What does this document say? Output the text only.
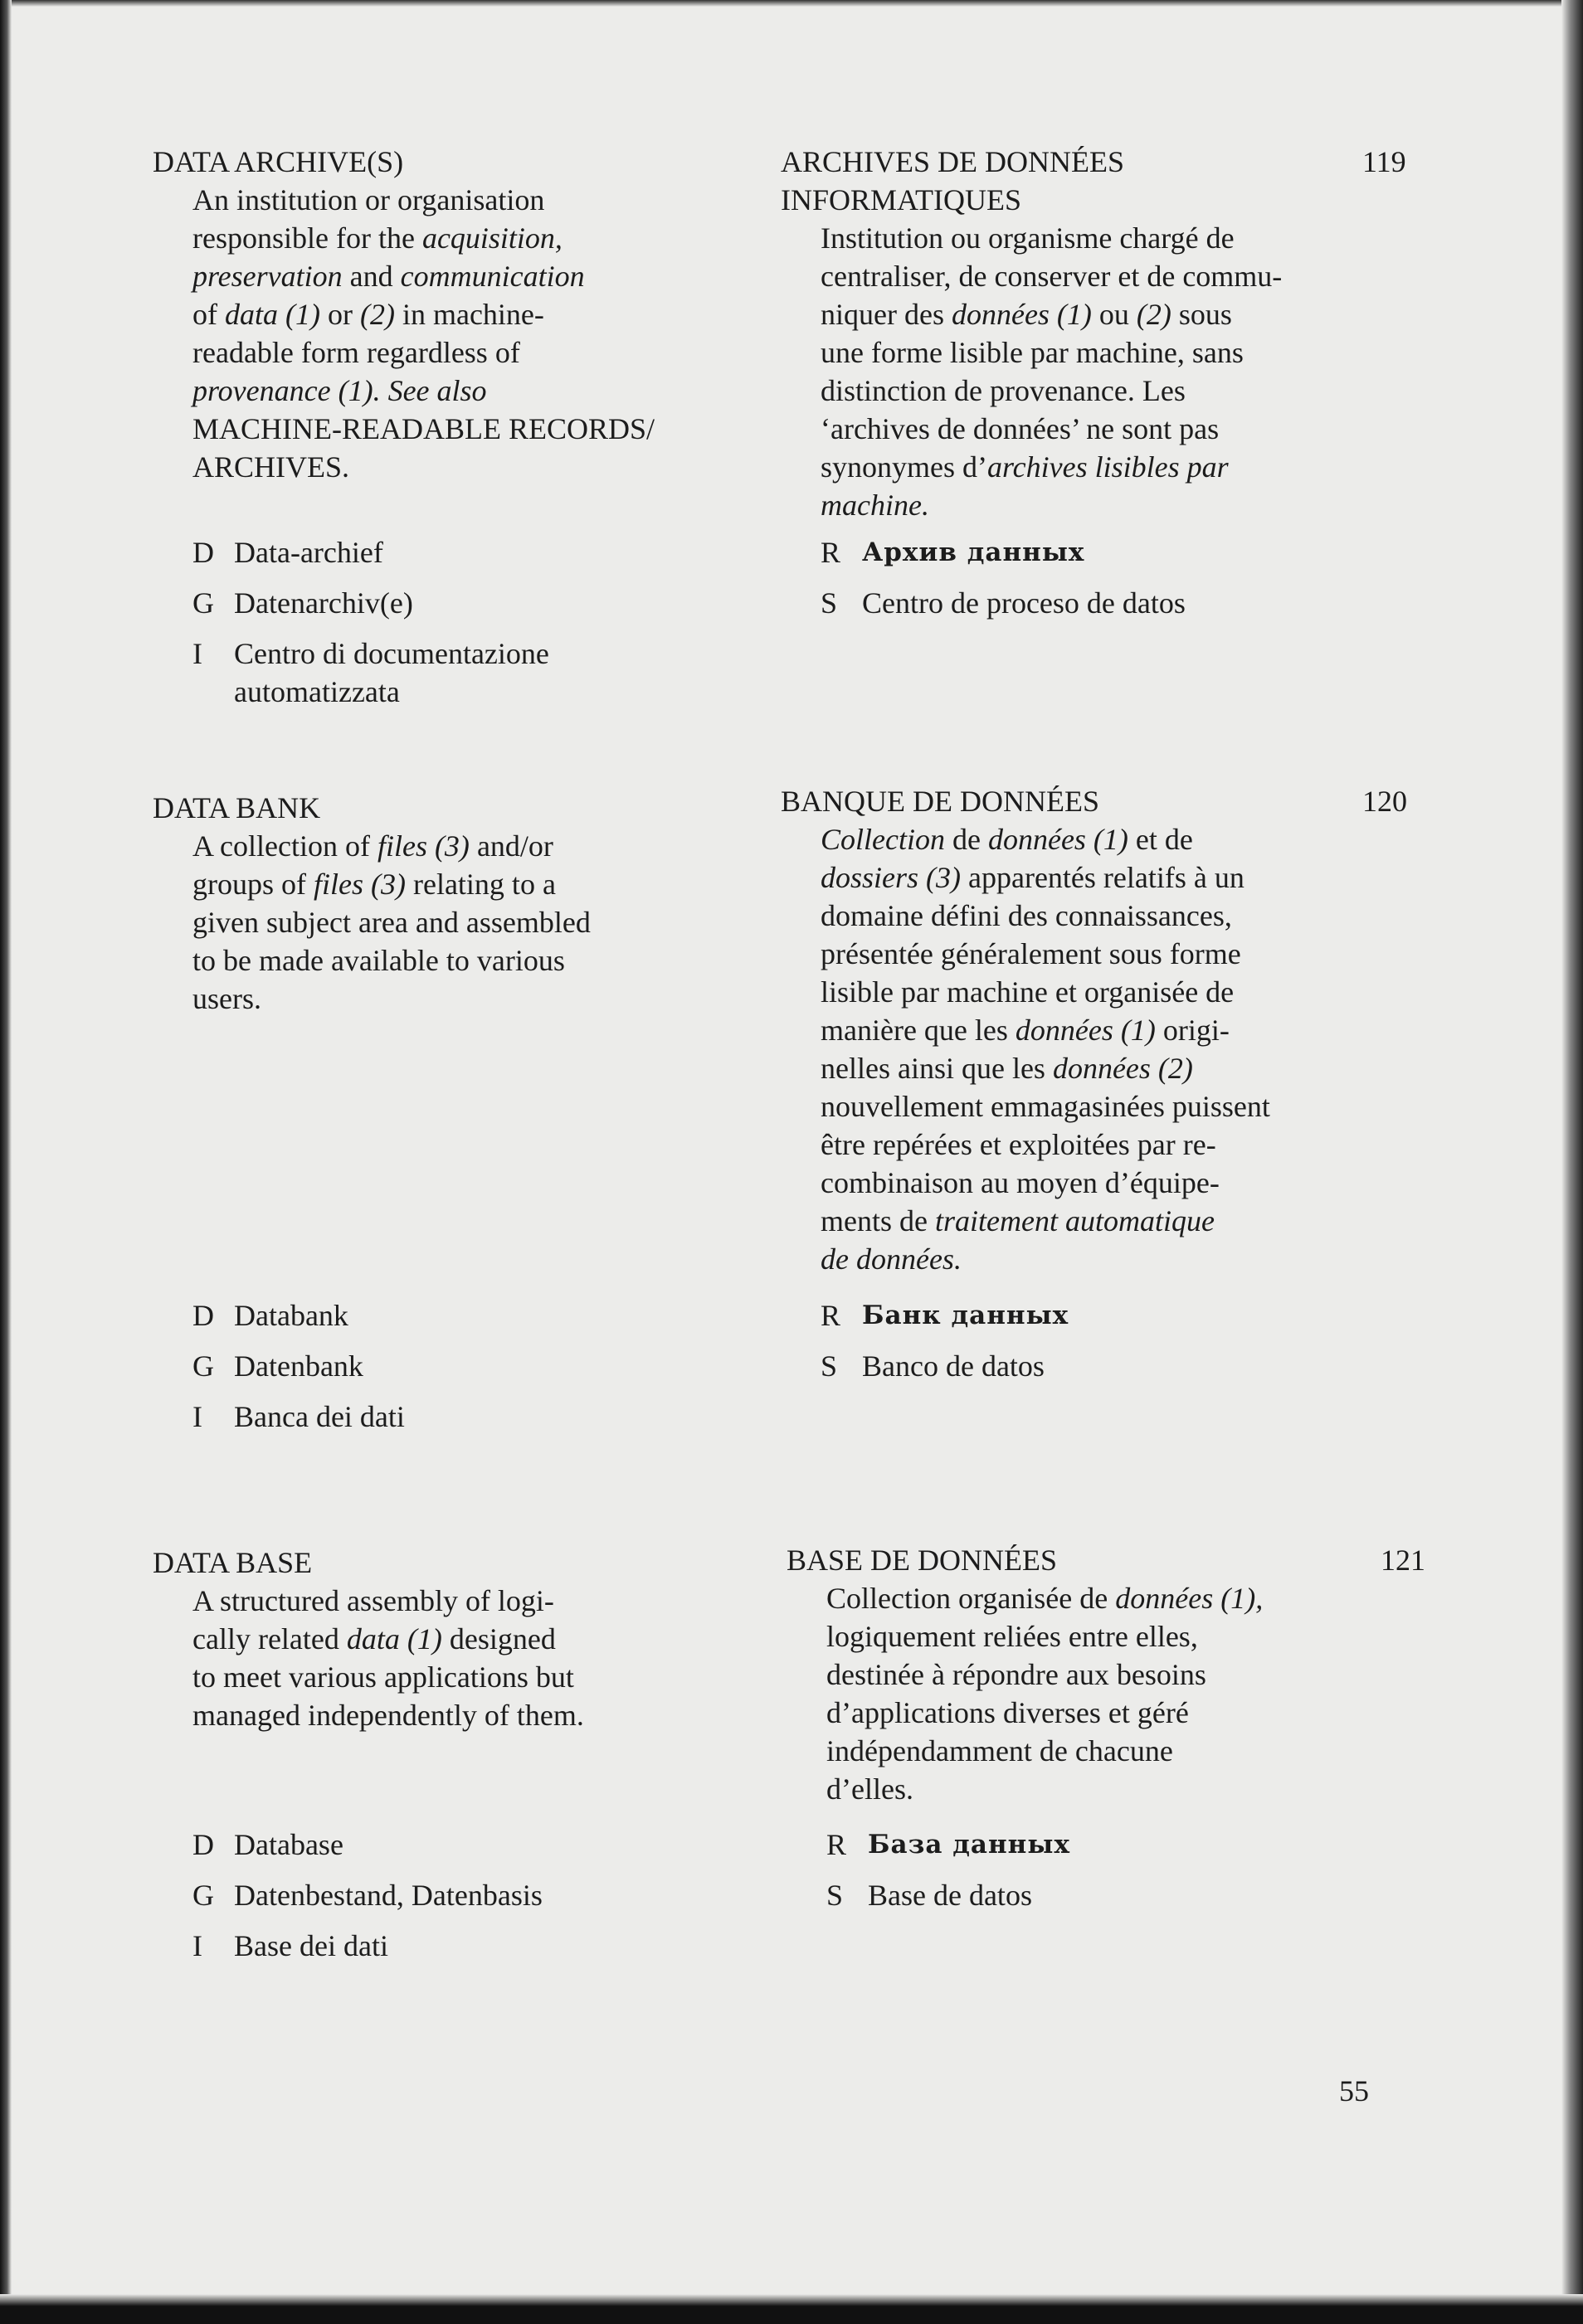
DATA ARCHIVE(S)
An institution or organisation
responsible for the acquisition,
preservation and communication
of data (1) or (2) in machine-
readable form regardless of
provenance (1). See also
MACHINE-READABLE RECORDS/
ARCHIVES.
D Data-archief
G Datenarchiv(e)
I Centro di documentazione
automatizzata
ARCHIVES DE DONNÉES
INFORMATIQUES
Institution ou organisme chargé de
centraliser, de conserver et de commu-
niquer des données (1) ou (2) sous
une forme lisible par machine, sans
distinction de provenance. Les
‘archives de données’ ne sont pas
synonymes d’archives lisibles par
machine.
119
R Архив данных
S Centro de proceso de datos
DATA BANK
A collection of files (3) and/or
groups of files (3) relating to a
given subject area and assembled
to be made available to various
users.
D Databank
G Datenbank
I Banca dei dati
BANQUE DE DONNÉES
Collection de données (1) et de
dossiers (3) apparentés relatifs à un
domaine défini des connaissances,
présentée généralement sous forme
lisible par machine et organisée de
manière que les données (1) origi-
nelles ainsi que les données (2)
nouvellement emmagasinées puissent
être repérées et exploitées par re-
combinaison au moyen d’équipe-
ments de traitement automatique
de données.
120
R Банк данных
S Banco de datos
DATA BASE
A structured assembly of logi-
cally related data (1) designed
to meet various applications but
managed independently of them.
D Database
G Datenbestand, Datenbasis
I Base dei dati
BASE DE DONNÉES
Collection organisée de données (1),
logiquement reliées entre elles,
destinée à répondre aux besoins
d’applications diverses et géré
indépendamment de chacune
d’elles.
121
R База данных
S Base de datos
55
